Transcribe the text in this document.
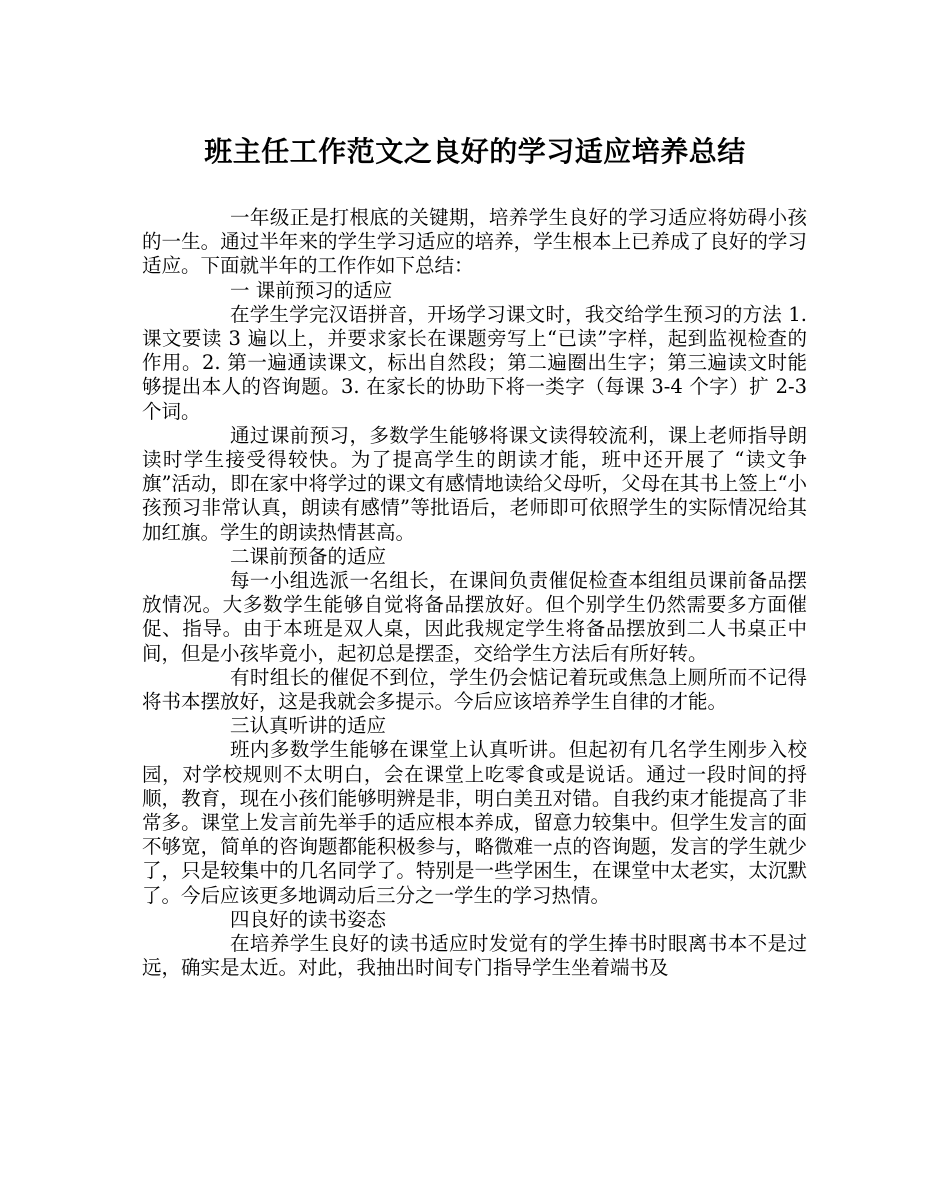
班主任工作范文之良好的学习适应培养总结

一年级正是打根底的关键期，培养学生良好的学习适应将妨碍小孩的一生。通过半年来的学生学习适应的培养，学生根本上已养成了良好的学习适应。下面就半年的工作作如下总结：

一 课前预习的适应

在学生学完汉语拼音，开场学习课文时，我交给学生预习的方法 1. 课文要读 3 遍以上，并要求家长在课题旁写上“已读”字样，起到监视检查的作用。2. 第一遍通读课文，标出自然段；第二遍圈出生字；第三遍读文时能够提出本人的咨询题。3. 在家长的协助下将一类字（每课 3-4 个字）扩 2-3 个词。

通过课前预习，多数学生能够将课文读得较流利，课上老师指导朗读时学生接受得较快。为了提高学生的朗读才能，班中还开展了 “读文争旗”活动，即在家中将学过的课文有感情地读给父母听，父母在其书上签上“小孩预习非常认真，朗读有感情”等批语后，老师即可依照学生的实际情况给其加红旗。学生的朗读热情甚高。

二课前预备的适应

每一小组选派一名组长，在课间负责催促检查本组组员课前备品摆放情况。大多数学生能够自觉将备品摆放好。但个别学生仍然需要多方面催促、指导。由于本班是双人桌，因此我规定学生将备品摆放到二人书桌正中间，但是小孩毕竟小，起初总是摆歪，交给学生方法后有所好转。

有时组长的催促不到位，学生仍会惦记着玩或焦急上厕所而不记得将书本摆放好，这是我就会多提示。今后应该培养学生自律的才能。

三认真听讲的适应

班内多数学生能够在课堂上认真听讲。但起初有几名学生刚步入校园，对学校规则不太明白，会在课堂上吃零食或是说话。通过一段时间的捋顺，教育，现在小孩们能够明辨是非，明白美丑对错。自我约束才能提高了非常多。课堂上发言前先举手的适应根本养成，留意力较集中。但学生发言的面不够宽，简单的咨询题都能积极参与，略微难一点的咨询题，发言的学生就少了，只是较集中的几名同学了。特别是一些学困生，在课堂中太老实，太沉默了。今后应该更多地调动后三分之一学生的学习热情。

四良好的读书姿态

在培养学生良好的读书适应时发觉有的学生捧书时眼离书本不是过远，确实是太近。对此，我抽出时间专门指导学生坐着端书及
